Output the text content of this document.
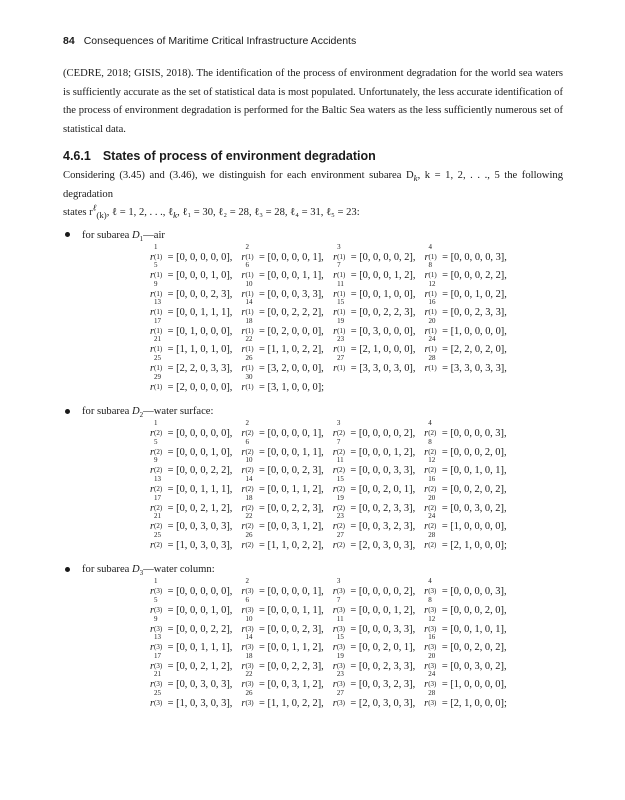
84 Consequences of Maritime Critical Infrastructure Accidents
(CEDRE, 2018; GISIS, 2018). The identification of the process of environment degradation for the world sea waters is sufficiently accurate as the set of statistical data is most populated. Unfortunately, the less accurate identification of the process of environment degradation is performed for the Baltic Sea waters as the less sufficiently numerous set of statistical data.
4.6.1 States of process of environment degradation
Considering (3.45) and (3.46), we distinguish for each environment subarea $D_k$, k = 1, 2, . . ., 5 the following degradation
states $r^\ell_{(k)}$, ℓ = 1, 2, . . ., ℓ$_k$, ℓ₁ = 30, ℓ₂ = 28, ℓ₃ = 28, ℓ₄ = 31, ℓ₅ = 23:
for subarea $D_1—air$
r
1
(1) = [0, 0, 0, 0, 0], r
2
(1) = [0, 0, 0, 0, 1], r
3
(1) = [0, 0, 0, 0, 2], r
4
(1) = [0, 0, 0, 0, 3],
r
5
(1) = [0, 0, 0, 1, 0], r
6
(1) = [0, 0, 0, 1, 1], r
7
(1) = [0, 0, 0, 1, 2], r
8
(1) = [0, 0, 0, 2, 2],
r
9
(1) = [0, 0, 0, 2, 3], r
10
(1) = [0, 0, 0, 3, 3], r
11
(1) = [0, 0, 1, 0, 0], r
12
(1) = [0, 0, 1, 0, 2],
r
13
(1) = [0, 0, 1, 1, 1], r
14
(1) = [0, 0, 2, 2, 2], r
15
(1) = [0, 0, 2, 2, 3], r
16
(1) = [0, 0, 2, 3, 3],
r
17
(1) = [0, 1, 0, 0, 0], r
18
(1) = [0, 2, 0, 0, 0], r
19
(1) = [0, 3, 0, 0, 0], r
20
(1) = [1, 0, 0, 0, 0],
r
21
(1) = [1, 1, 0, 1, 0], r
22
(1) = [1, 1, 0, 2, 2], r
23
(1) = [2, 1, 0, 0, 0], r
24
(1) = [2, 2, 0, 2, 0],
r
25
(1) = [2, 2, 0, 3, 3], r
26
(1) = [3, 2, 0, 0, 0], r
27
(1) = [3, 3, 0, 3, 0], r
28
(1) = [3, 3, 0, 3, 3],
r
29
(1) = [2, 0, 0, 0, 0], r
30
(1) = [3, 1, 0, 0, 0];
for subarea $D_2—water$ surface:
r
1
(2) = [0, 0, 0, 0, 0], r
2
(2) = [0, 0, 0, 0, 1], r
3
(2) = [0, 0, 0, 0, 2], r
4
(2) = [0, 0, 0, 0, 3],
r
5
(2) = [0, 0, 0, 1, 0], r
6
(2) = [0, 0, 0, 1, 1], r
7
(2) = [0, 0, 0, 1, 2], r
8
(2) = [0, 0, 0, 2, 0],
r
9
(2) = [0, 0, 0, 2, 2], r
10
(2) = [0, 0, 0, 2, 3], r
11
(2) = [0, 0, 0, 3, 3], r
12
(2) = [0, 0, 1, 0, 1],
r
13
(2) = [0, 0, 1, 1, 1], r
14
(2) = [0, 0, 1, 1, 2], r
15
(2) = [0, 0, 2, 0, 1], r
16
(2) = [0, 0, 2, 0, 2],
r
17
(2) = [0, 0, 2, 1, 2], r
18
(2) = [0, 0, 2, 2, 3], r
19
(2) = [0, 0, 2, 3, 3], r
20
(2) = [0, 0, 3, 0, 2],
r
21
(2) = [0, 0, 3, 0, 3], r
22
(2) = [0, 0, 3, 1, 2], r
23
(2) = [0, 0, 3, 2, 3], r
24
(2) = [1, 0, 0, 0, 0],
r
25
(2) = [1, 0, 3, 0, 3], r
26
(2) = [1, 1, 0, 2, 2], r
27
(2) = [2, 0, 3, 0, 3], r
28
(2) = [2, 1, 0, 0, 0];
for subarea $D_3—water$ column:
r
1
(3) = [0, 0, 0, 0, 0], r
2
(3) = [0, 0, 0, 0, 1], r
3
(3) = [0, 0, 0, 0, 2], r
4
(3) = [0, 0, 0, 0, 3],
r
5
(3) = [0, 0, 0, 1, 0], r
6
(3) = [0, 0, 0, 1, 1], r
7
(3) = [0, 0, 0, 1, 2], r
8
(3) = [0, 0, 0, 2, 0],
r
9
(3) = [0, 0, 0, 2, 2], r
10
(3) = [0, 0, 0, 2, 3], r
11
(3) = [0, 0, 0, 3, 3], r
12
(3) = [0, 0, 1, 0, 1],
r
13
(3) = [0, 0, 1, 1, 1], r
14
(3) = [0, 0, 1, 1, 2], r
15
(3) = [0, 0, 2, 0, 1], r
16
(3) = [0, 0, 2, 0, 2],
r
17
(3) = [0, 0, 2, 1, 2], r
18
(3) = [0, 0, 2, 2, 3], r
19
(3) = [0, 0, 2, 3, 3], r
20
(3) = [0, 0, 3, 0, 2],
r
21
(3) = [0, 0, 3, 0, 3], r
22
(3) = [0, 0, 3, 1, 2], r
23
(3) = [0, 0, 3, 2, 3], r
24
(3) = [1, 0, 0, 0, 0],
r
25
(3) = [1, 0, 3, 0, 3], r
26
(3) = [1, 1, 0, 2, 2], r
27
(3) = [2, 0, 3, 0, 3], r
28
(3) = [2, 1, 0, 0, 0];
